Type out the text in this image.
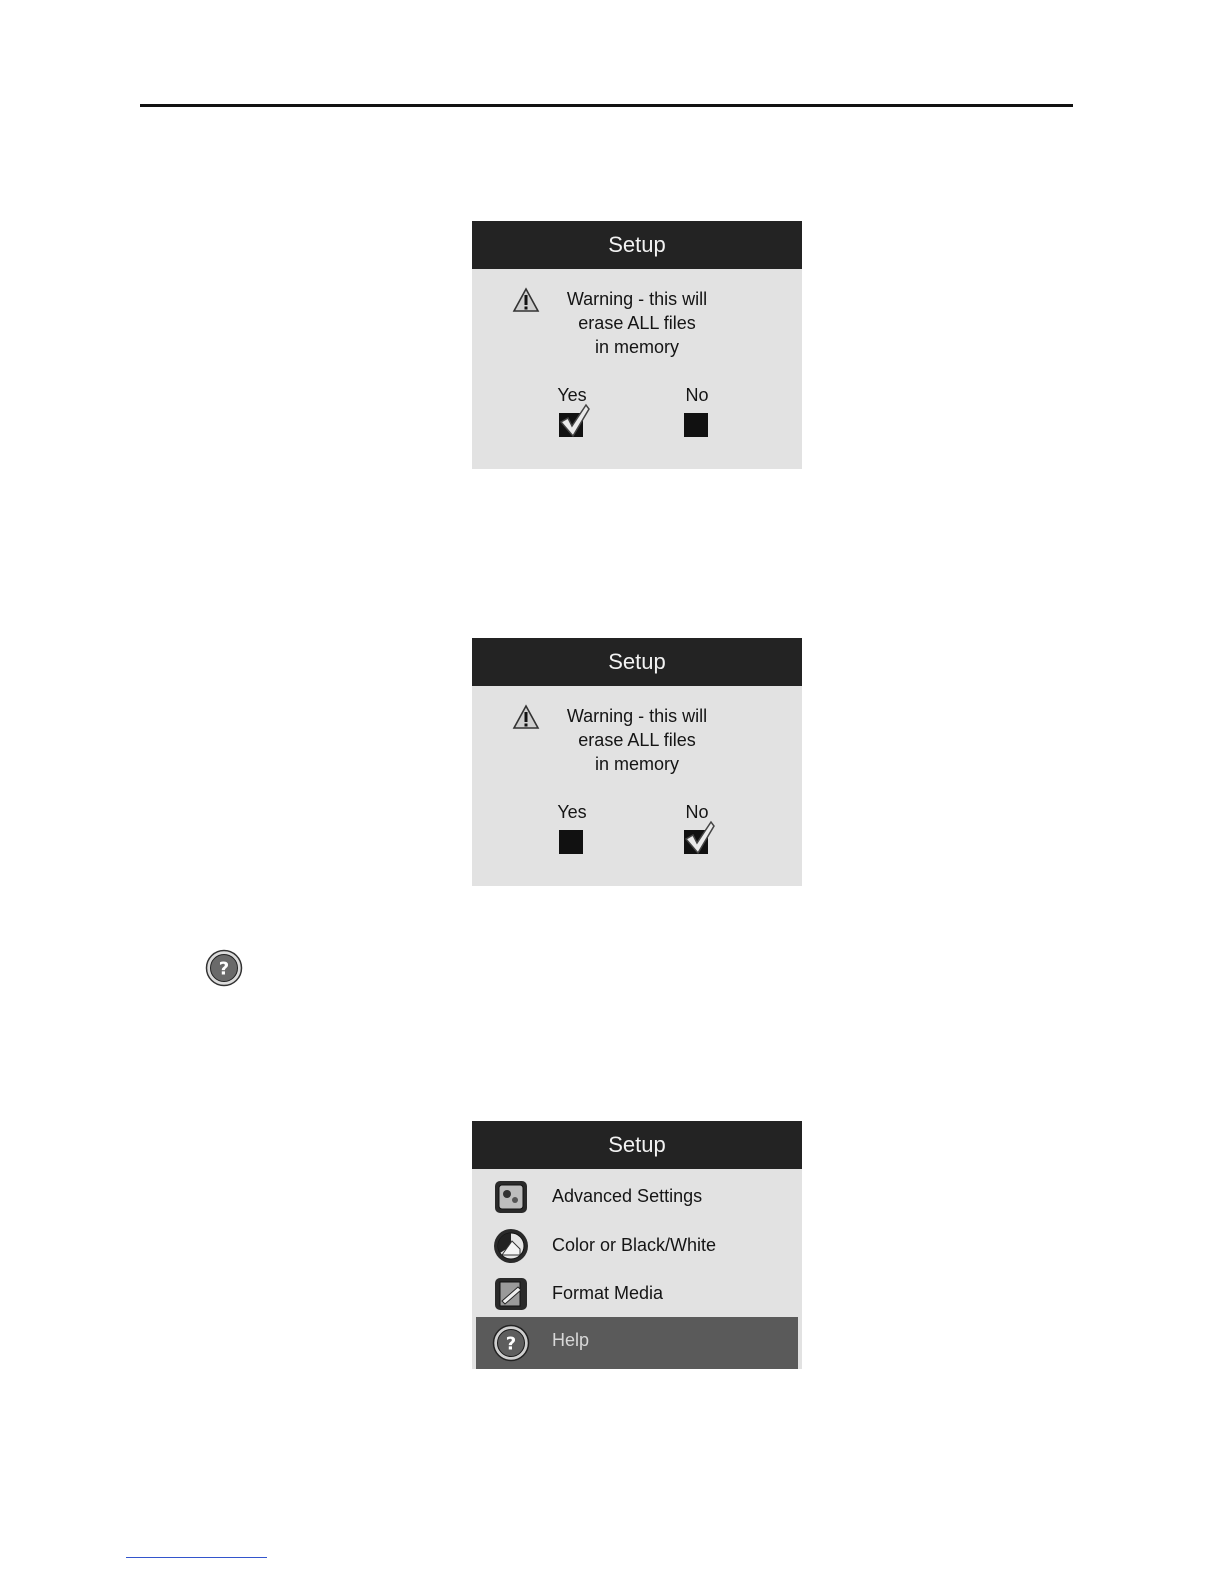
Setup
Warning - this will
erase ALL files
in memory
Yes	No
Setup
Warning - this will
erase ALL files
in memory
Yes	No
?
Setup
Advanced Settings
Color or Black/White
Format Media
? Help
